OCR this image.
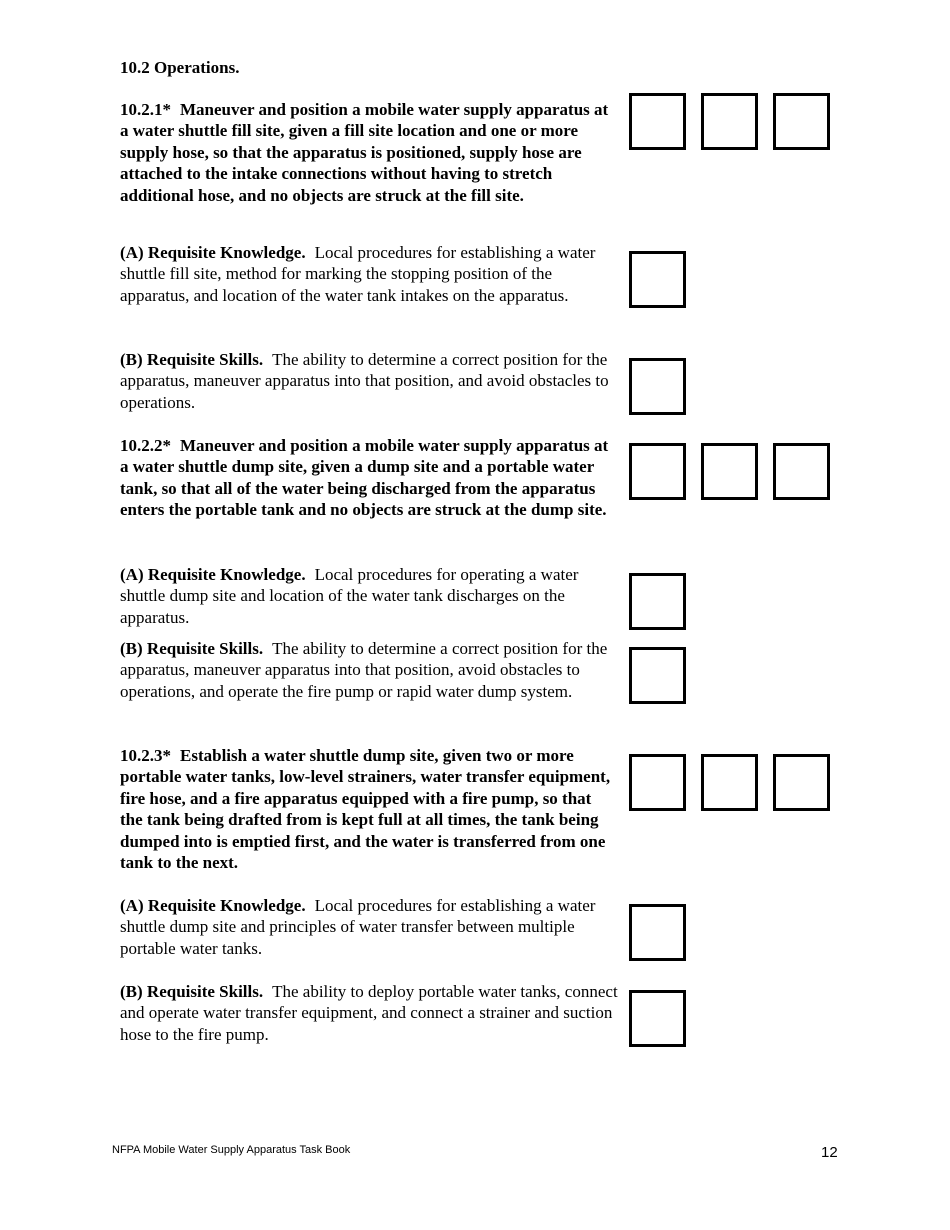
10.2 Operations.
10.2.1* Maneuver and position a mobile water supply apparatus at a water shuttle fill site, given a fill site location and one or more supply hose, so that the apparatus is positioned, supply hose are attached to the intake connections without having to stretch additional hose, and no objects are struck at the fill site.
(A) Requisite Knowledge. Local procedures for establishing a water shuttle fill site, method for marking the stopping position of the apparatus, and location of the water tank intakes on the apparatus.
(B) Requisite Skills. The ability to determine a correct position for the apparatus, maneuver apparatus into that position, and avoid obstacles to operations.
10.2.2* Maneuver and position a mobile water supply apparatus at a water shuttle dump site, given a dump site and a portable water tank, so that all of the water being discharged from the apparatus enters the portable tank and no objects are struck at the dump site.
(A) Requisite Knowledge. Local procedures for operating a water shuttle dump site and location of the water tank discharges on the apparatus.
(B) Requisite Skills. The ability to determine a correct position for the apparatus, maneuver apparatus into that position, avoid obstacles to operations, and operate the fire pump or rapid water dump system.
10.2.3* Establish a water shuttle dump site, given two or more portable water tanks, low-level strainers, water transfer equipment, fire hose, and a fire apparatus equipped with a fire pump, so that the tank being drafted from is kept full at all times, the tank being dumped into is emptied first, and the water is transferred from one tank to the next.
(A) Requisite Knowledge. Local procedures for establishing a water shuttle dump site and principles of water transfer between multiple portable water tanks.
(B) Requisite Skills. The ability to deploy portable water tanks, connect and operate water transfer equipment, and connect a strainer and suction hose to the fire pump.
NFPA Mobile Water Supply Apparatus Task Book	12
